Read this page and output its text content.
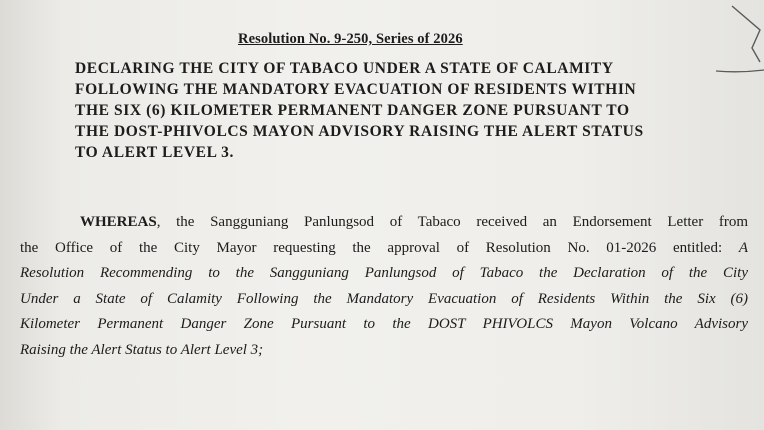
Resolution No. 9-250, Series of 2026
DECLARING THE CITY OF TABACO UNDER A STATE OF CALAMITY
FOLLOWING THE MANDATORY EVACUATION OF RESIDENTS WITHIN
THE SIX (6) KILOMETER PERMANENT DANGER ZONE PURSUANT TO
THE DOST-PHIVOLCS MAYON ADVISORY RAISING THE ALERT STATUS
TO ALERT LEVEL 3.
WHEREAS, the Sangguniang Panlungsod of Tabaco received an Endorsement Letter from
the Office of the City Mayor requesting the approval of Resolution No. 01-2026 entitled: A
Resolution Recommending to the Sangguniang Panlungsod of Tabaco the Declaration of the City
Under a State of Calamity Following the Mandatory Evacuation of Residents Within the Six (6)
Kilometer Permanent Danger Zone Pursuant to the DOST PHIVOLCS Mayon Volcano Advisory
Raising the Alert Status to Alert Level 3;
